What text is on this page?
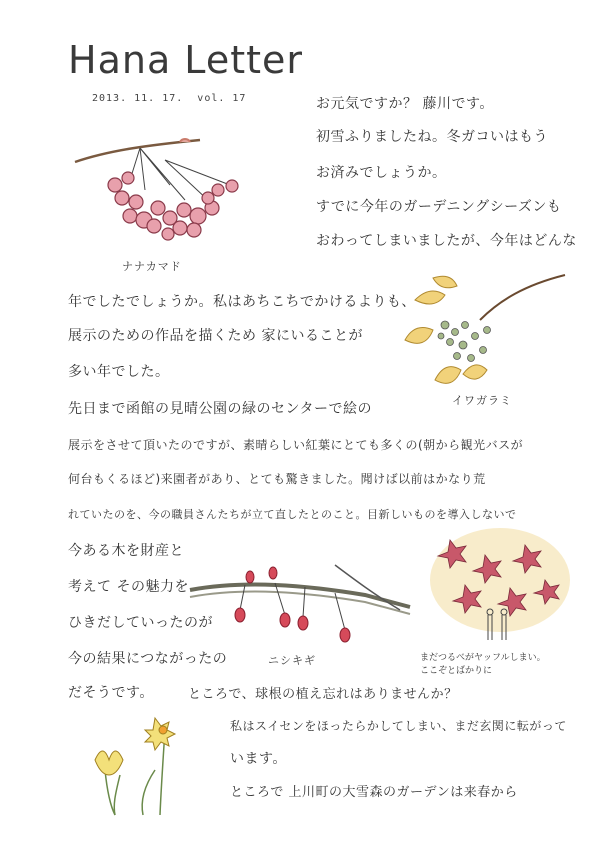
Hana Letter
2013. 11. 17.  vol. 17
ナナカマド
イワガラミ
お元気ですか？ 藤川です。
初雪ふりましたね。冬ガコいはもう
お済みでしょうか。
すでに今年のガーデニングシーズンも
おわってしまいましたが、今年はどんな
年でしたでしょうか。私はあちこちでかけるよりも、
展示のための作品を描くため 家にいることが
多い年でした。
先日まで函館の見晴公園の緑のセンターで絵の
展示をさせて頂いたのですが、素晴らしい紅葉にとても多くの(朝から観光バスが
何台もくるほど)来園者があり、とても驚きました。聞けば以前はかなり荒
れていたのを、今の職員さんたちが立て直したとのこと。目新しいものを導入しないで
今ある木を財産と
考えて その魅力を
ひきだしていったのが
今の結果につながったの
だそうです。	ところで、球根の植え忘れはありませんか？
私はスイセンをほったらかしてしまい、まだ玄関に転がって
います。
ところで 上川町の大雪森のガーデンは来春から
ニシキギ	まだつるべがヤッフルしまい。
ここぞとばかりに
